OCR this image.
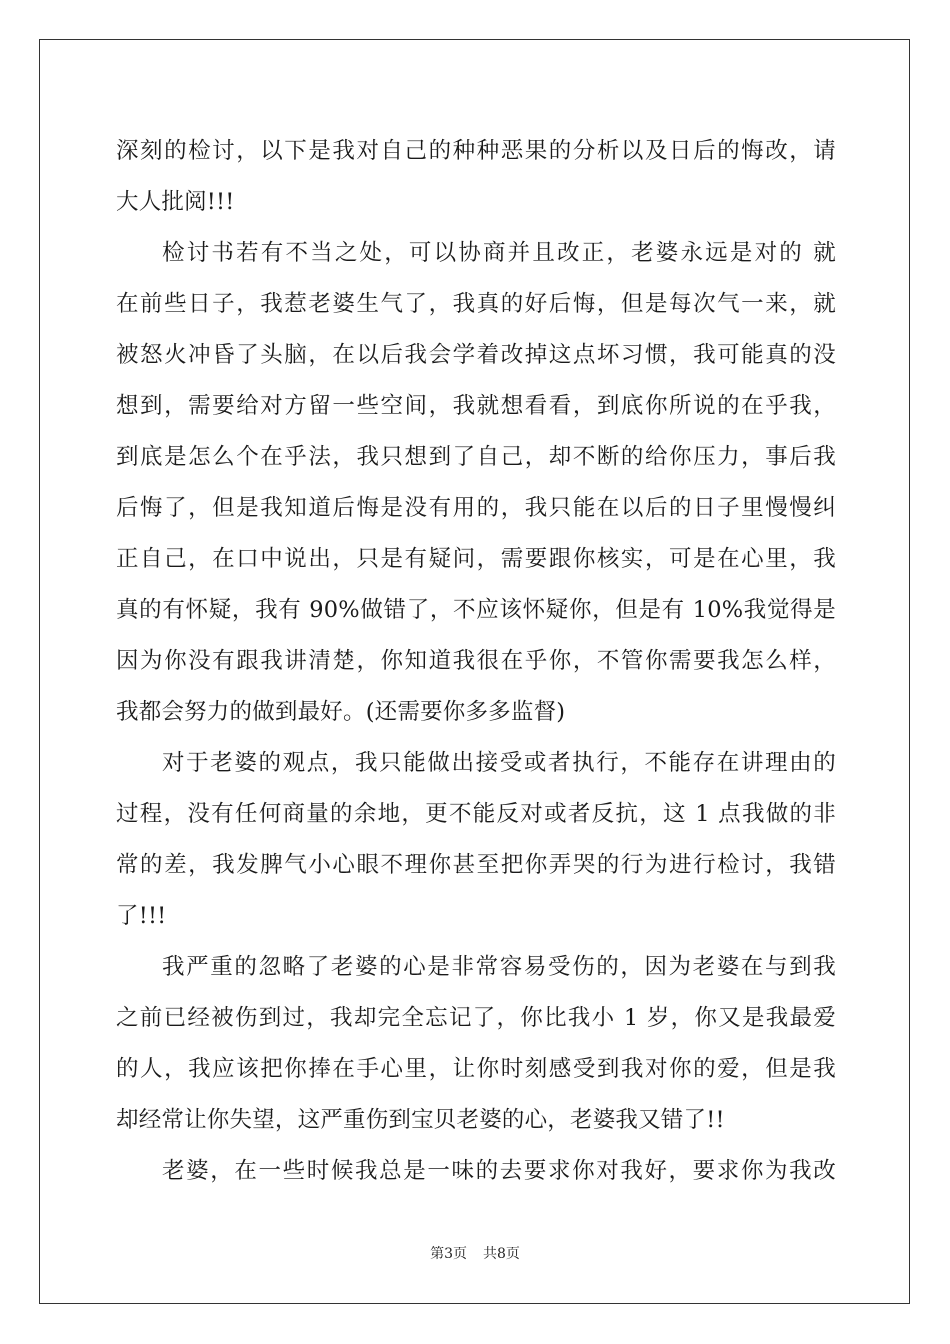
深刻的检讨，以下是我对自己的种种恶果的分析以及日后的悔改，请
大人批阅!!!
检讨书若有不当之处，可以协商并且改正，老婆永远是对的 就
在前些日子，我惹老婆生气了，我真的好后悔，但是每次气一来，就
被怒火冲昏了头脑，在以后我会学着改掉这点坏习惯，我可能真的没
想到，需要给对方留一些空间，我就想看看，到底你所说的在乎我，
到底是怎么个在乎法，我只想到了自己，却不断的给你压力，事后我
后悔了，但是我知道后悔是没有用的，我只能在以后的日子里慢慢纠
正自己，在口中说出，只是有疑问，需要跟你核实，可是在心里，我
真的有怀疑，我有 90%做错了，不应该怀疑你，但是有 10%我觉得是
因为你没有跟我讲清楚，你知道我很在乎你，不管你需要我怎么样，
我都会努力的做到最好。(还需要你多多监督)
对于老婆的观点，我只能做出接受或者执行，不能存在讲理由的
过程，没有任何商量的余地，更不能反对或者反抗，这 1 点我做的非
常的差，我发脾气小心眼不理你甚至把你弄哭的行为进行检讨，我错
了!!!
我严重的忽略了老婆的心是非常容易受伤的，因为老婆在与到我
之前已经被伤到过，我却完全忘记了，你比我小 1 岁，你又是我最爱
的人，我应该把你捧在手心里，让你时刻感受到我对你的爱，但是我
却经常让你失望，这严重伤到宝贝老婆的心，老婆我又错了!!
老婆，在一些时候我总是一味的去要求你对我好，要求你为我改
第3页 共8页
